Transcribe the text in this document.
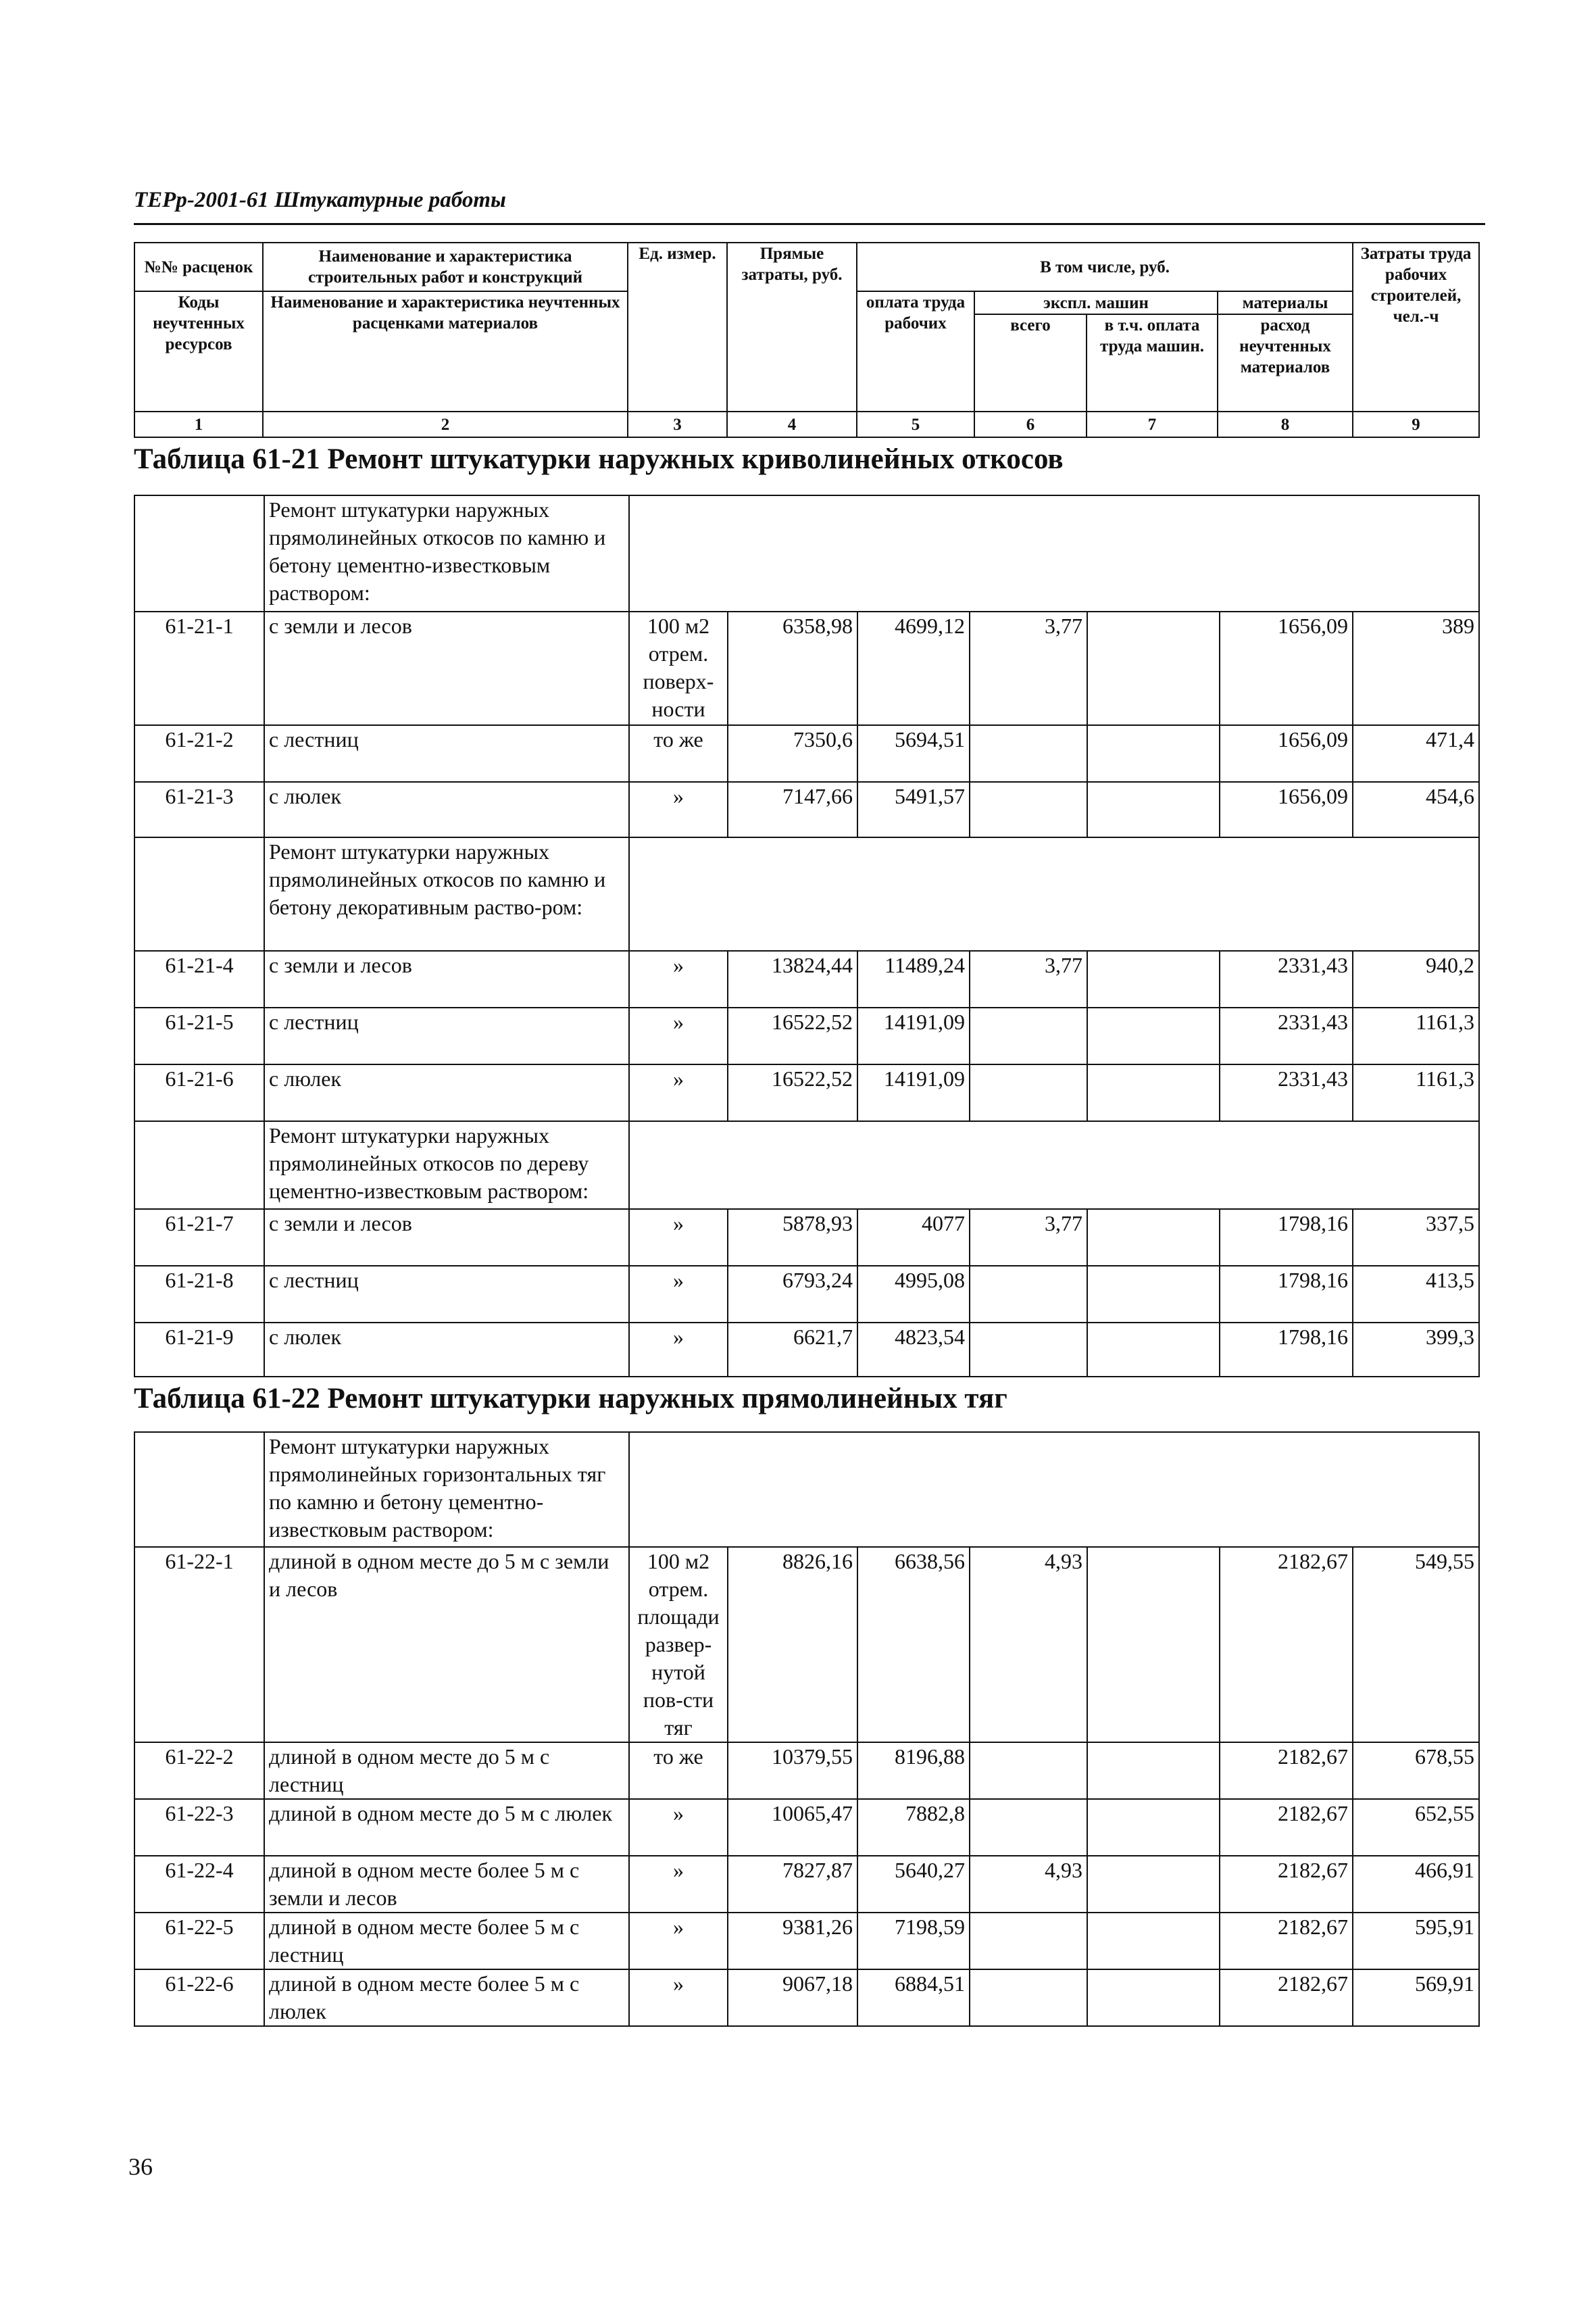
ТЕРр-2001-61 Штукатурные работы
№№ расценок	Наименование и характеристика строительных работ и конструкций	Ед. измер.	Прямые затраты, руб.	В том числе, руб.				Затраты труда рабочих строителей, чел.-ч
Коды неучтенных ресурсов	Наименование и характеристика неучтенных расценками материалов			оплата труда рабочих	экспл. машин		материалы	
					всего	в т.ч. оплата труда машин.	расход неучтенных материалов	
1	2	3	4	5	6	7	8	9
Таблица 61-21 Ремонт штукатурки наружных криволинейных откосов
	Ремонт штукатурки наружных прямолинейных откосов по камню и бетону цементно-известковым раствором:							
61-21-1	с земли и лесов	100 м2 отрем. поверх-ности	6358,98	4699,12	3,77		1656,09	389
61-21-2	с лестниц	то же	7350,6	5694,51			1656,09	471,4
61-21-3	с люлек	»	7147,66	5491,57			1656,09	454,6
	Ремонт штукатурки наружных прямолинейных откосов по камню и бетону декоративным раство-ром:							
61-21-4	с земли и лесов	»	13824,44	11489,24	3,77		2331,43	940,2
61-21-5	с лестниц	»	16522,52	14191,09			2331,43	1161,3
61-21-6	с люлек	»	16522,52	14191,09			2331,43	1161,3
	Ремонт штукатурки наружных прямолинейных откосов по дереву цементно-известковым раствором:							
61-21-7	с земли и лесов	»	5878,93	4077	3,77		1798,16	337,5
61-21-8	с лестниц	»	6793,24	4995,08			1798,16	413,5
61-21-9	с люлек	»	6621,7	4823,54			1798,16	399,3
Таблица 61-22 Ремонт штукатурки наружных прямолинейных тяг
	Ремонт штукатурки наружных прямолинейных горизонтальных тяг по камню и бетону цементно-известковым раствором:							
61-22-1	длиной в одном месте до 5 м с земли и лесов	100 м2 отрем. площади развер-нутой пов-сти тяг	8826,16	6638,56	4,93		2182,67	549,55
61-22-2	длиной в одном месте до 5 м с лестниц	то же	10379,55	8196,88			2182,67	678,55
61-22-3	длиной в одном месте до 5 м с люлек	»	10065,47	7882,8			2182,67	652,55
61-22-4	длиной в одном месте более 5 м с земли и лесов	»	7827,87	5640,27	4,93		2182,67	466,91
61-22-5	длиной в одном месте более 5 м с лестниц	»	9381,26	7198,59			2182,67	595,91
61-22-6	длиной в одном месте более 5 м с люлек	»	9067,18	6884,51			2182,67	569,91
36
